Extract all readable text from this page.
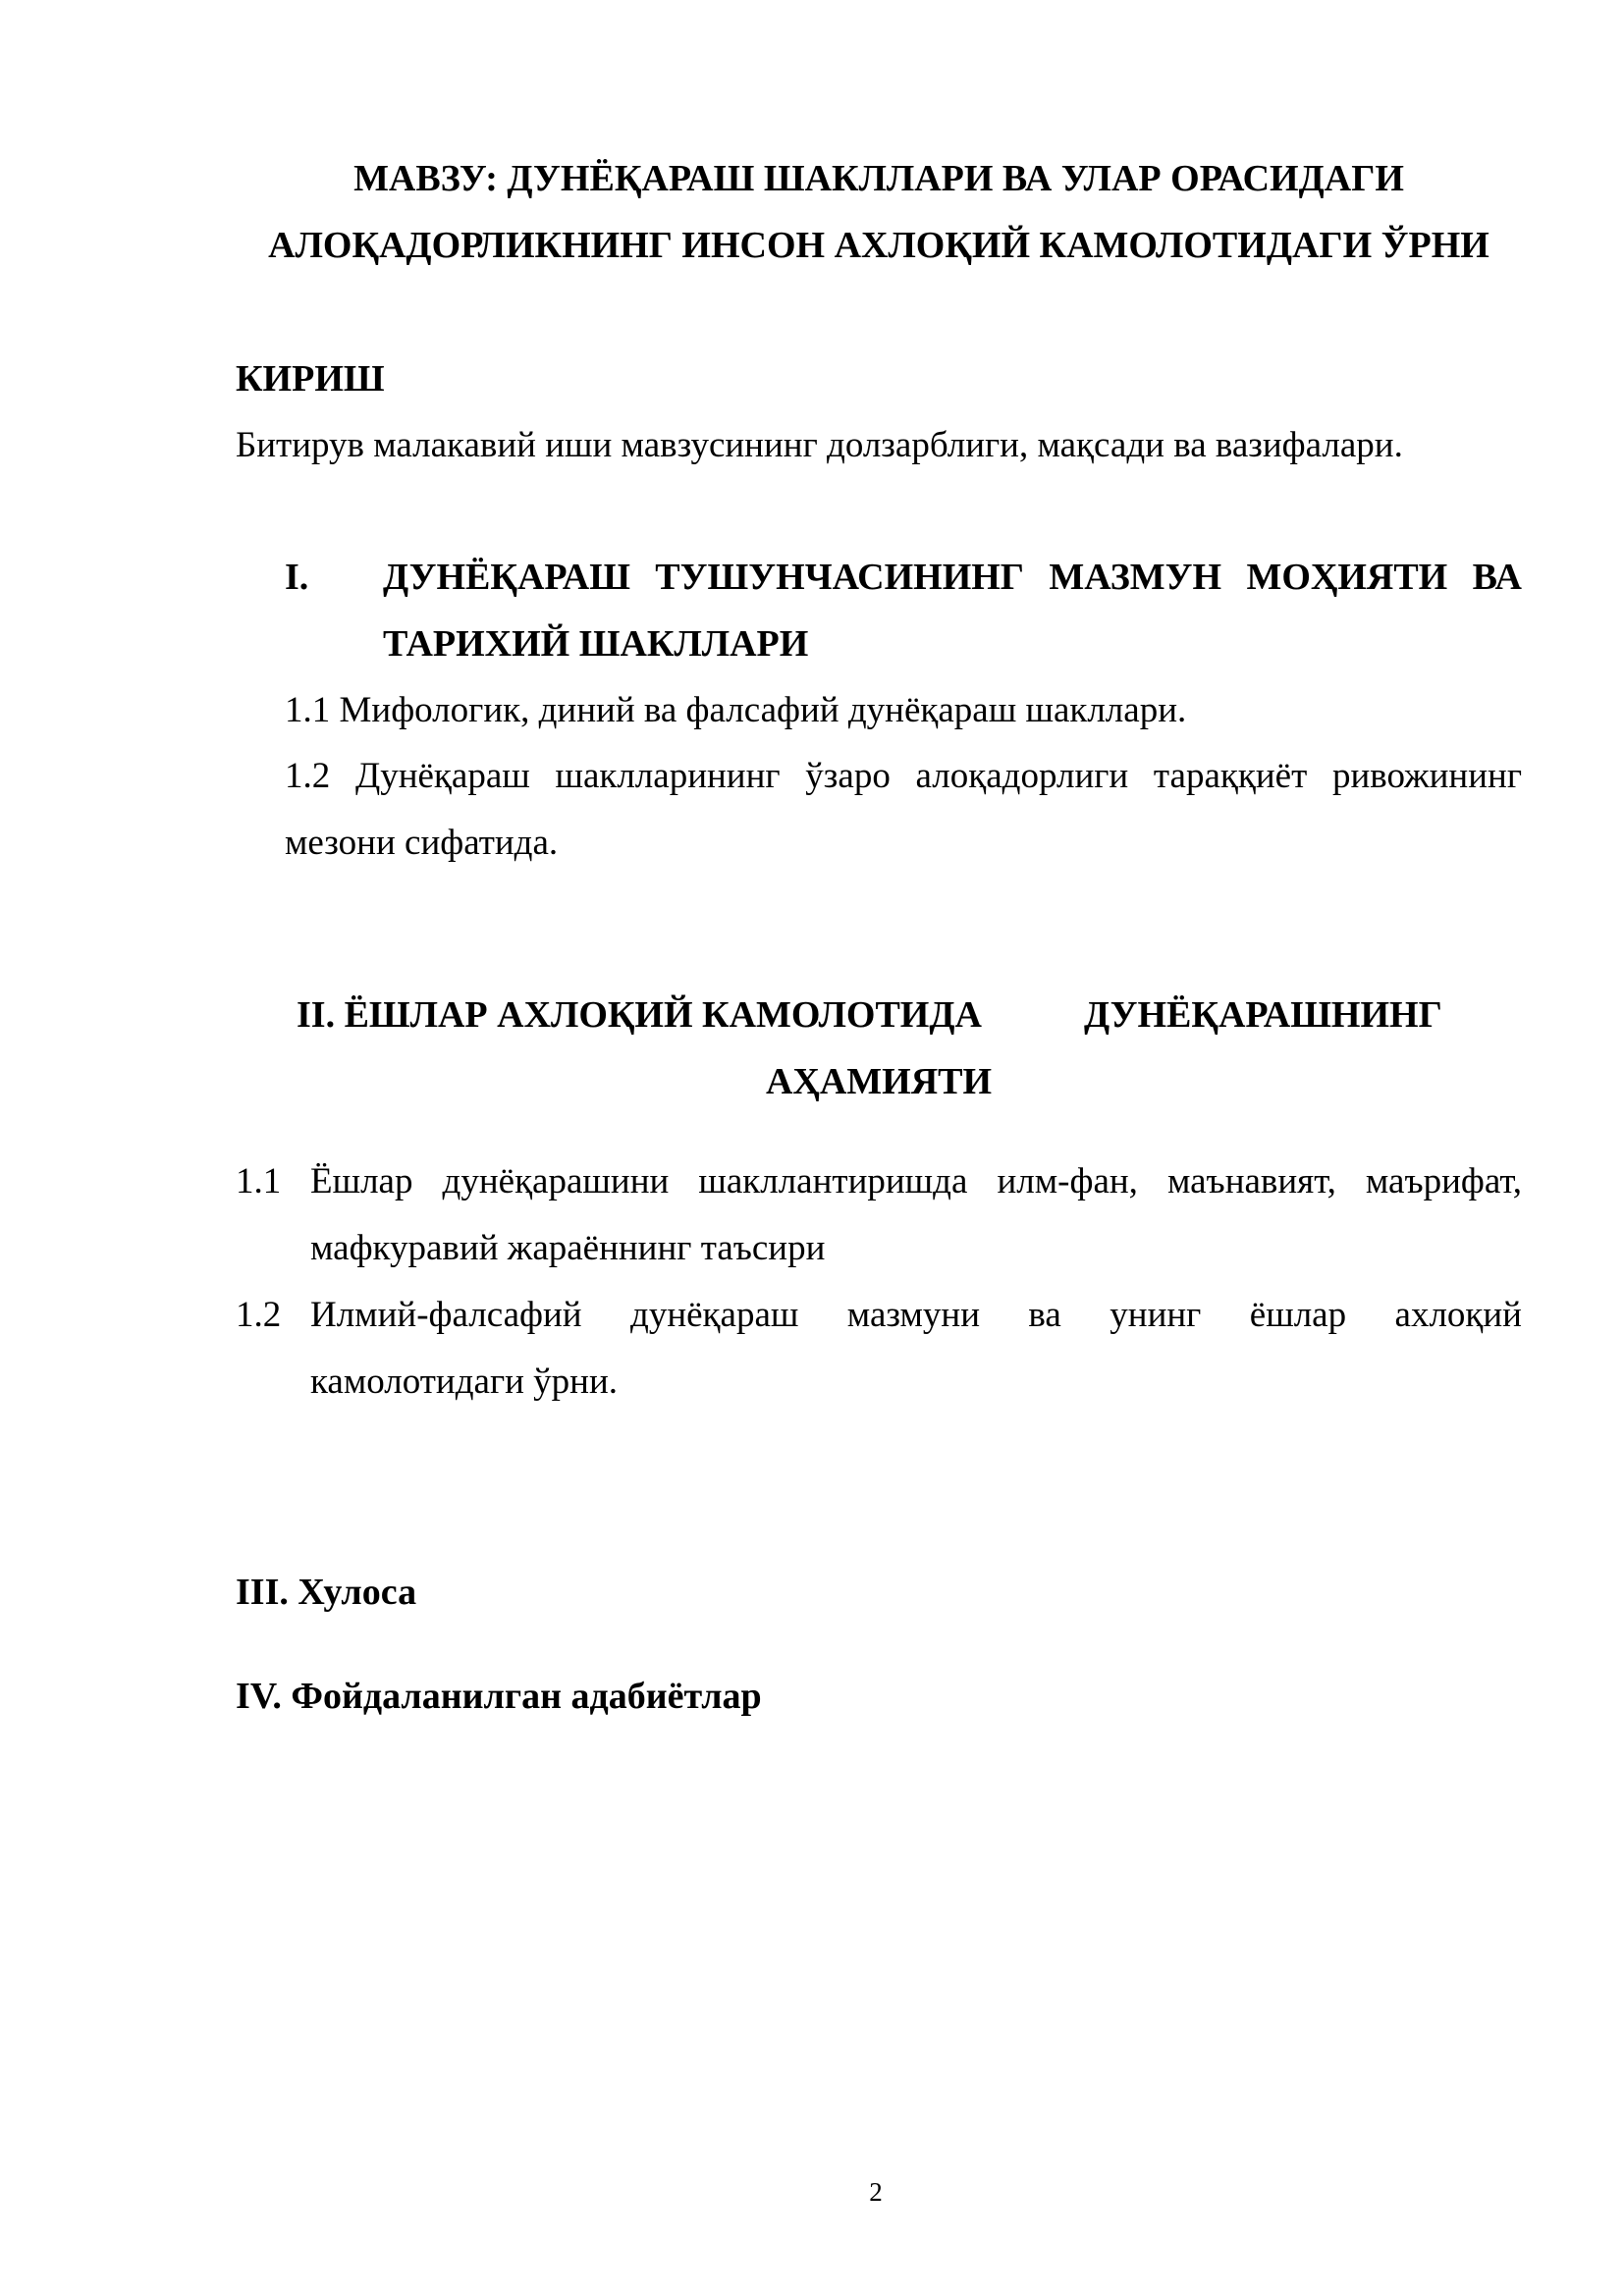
МАВЗУ: ДУНЁҚАРАШ ШАКЛЛАРИ ВА УЛАР ОРАСИДАГИ

АЛОҚАДОРЛИКНИНГ ИНСОН АХЛОҚИЙ КАМОЛОТИДАГИ ЎРНИ

КИРИШ

Битирув малакавий иши мавзусининг долзарблиги, мақсади ва вазифалари.

I. ДУНЁҚАРАШ ТУШУНЧАСИНИНГ МАЗМУН МОҲИЯТИ ВА

ТАРИХИЙ ШАКЛЛАРИ

1.1 Мифологик, диний ва фалсафий дунёқараш шакллари.

1.2 Дунёқараш шаклларининг ўзаро алоқадорлиги тараққиёт ривожининг

мезони сифатида.

II. ЁШЛАР АХЛОҚИЙ КАМОЛОТИДА	ДУНЁҚАРАШНИНГ

АҲАМИЯТИ

1.1 Ёшлар дунёқарашини шакллантиришда илм-фан, маънавият, маърифат,

мафкуравий жараённинг таъсири

1.2 Илмий-фалсафий дунёқараш мазмуни ва унинг ёшлар ахлоқий

камолотидаги ўрни.

III. Хулоса

IV. Фойдаланилган адабиётлар

2
